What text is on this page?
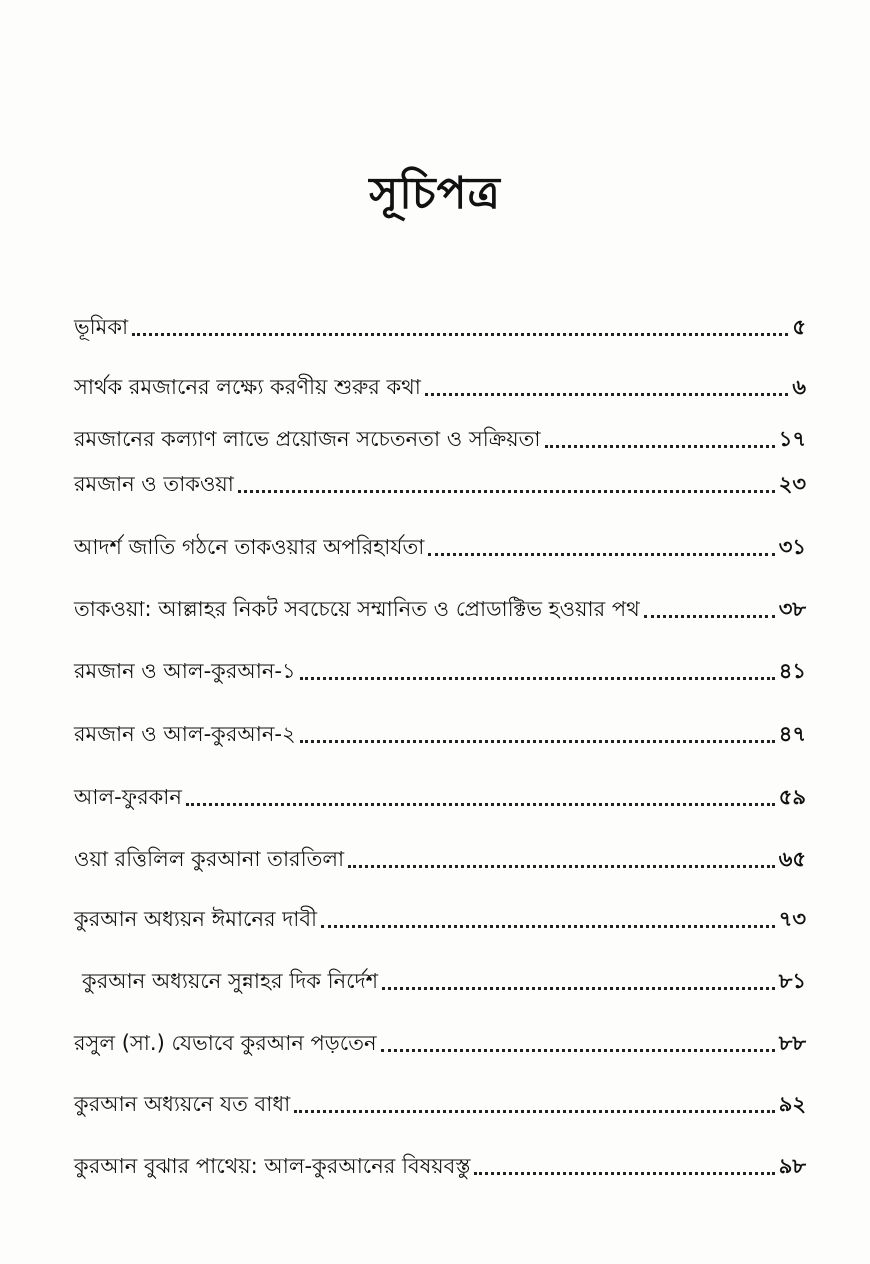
সূচিপত্র
ভূমিকা	৫
সার্থক রমজানের লক্ষ্যে করণীয় শুরুর কথা	৬
রমজানের কল্যাণ লাভে প্রয়োজন সচেতনতা ও সক্রিয়তা	১৭
রমজান ও তাকওয়া	২৩
আদর্শ জাতি গঠনে তাকওয়ার অপরিহার্যতা	৩১
তাকওয়া: আল্লাহর নিকট সবচেয়ে সম্মানিত ও প্রোডাক্টিভ হওয়ার পথ	৩৮
রমজান ও আল-কুরআন-১	৪১
রমজান ও আল-কুরআন-২	৪৭
আল-ফুরকান	৫৯
ওয়া রত্তিলিল কুরআনা তারতিলা	৬৫
কুরআন অধ্যয়ন ঈমানের দাবী	৭৩
কুরআন অধ্যয়নে সুন্নাহর দিক নির্দেশ	৮১
রসুল (সা.) যেভাবে কুরআন পড়তেন	৮৮
কুরআন অধ্যয়নে যত বাধা	৯২
কুরআন বুঝার পাথেয়: আল-কুরআনের বিষয়বস্তু	৯৮
